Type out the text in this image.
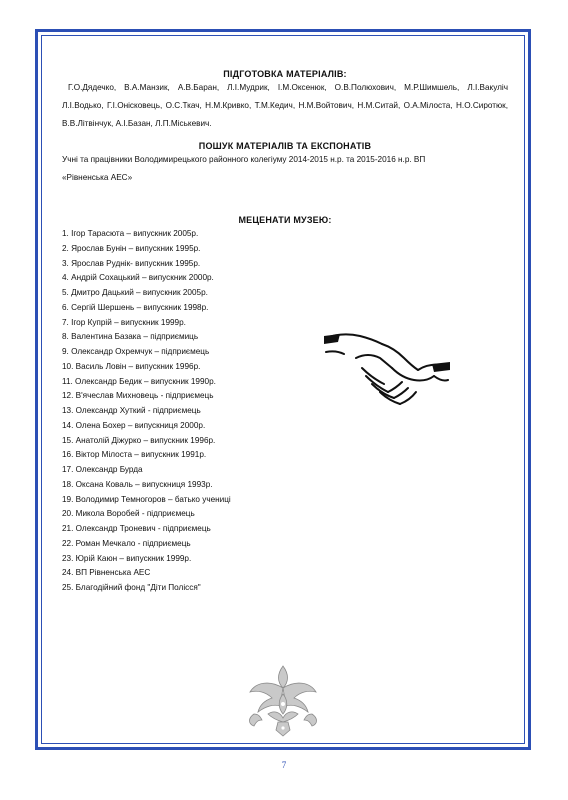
ПІДГОТОВКА МАТЕРІАЛІВ:

Г.О.Дядечко, В.А.Манзик, А.В.Баран, Л.І.Мудрик, І.М.Оксенюк, О.В.Полюхович, М.Р.Шимшель, Л.І.Вакуліч Л.І.Водько, Г.І.Онісковець, О.С.Ткач, Н.М.Кривко, Т.М.Кедич, Н.М.Войтович, Н.М.Ситай, О.А.Мілоста, Н.О.Сиротюк, В.В.Літвінчук, А.І.Базан, Л.П.Міськевич.

ПОШУК МАТЕРІАЛІВ ТА ЕКСПОНАТІВ

Учні та працівники Володимирецького районного колегіуму 2014-2015 н.р. та 2015-2016 н.р. ВП «Рівненська АЕС»

МЕЦЕНАТИ МУЗЕЮ:

1. Ігор Тарасюта – випускник 2005р.
2. Ярослав Бунін – випускник 1995р.
3. Ярослав Руднік- випускник 1995р.
4. Андрій Сохацький – випускник 2000р.
5. Дмитро Дацький – випускник 2005р.
6. Сергій Шершень – випускник 1998р.
7. Ігор Купрій – випускник 1999р.
8. Валентина Базака – підприємиць
9. Олександр Охремчук – підприємець
10. Василь Ловін – випускник 1996р.
11. Олександр Бедик – випускник 1990р.
12. В'ячеслав Михновець - підприємець
13. Олександр Хуткий - підприємець
14. Олена Бохер – випускниця 2000р.
15. Анатолій Діжурко – випускник 1996р.
16. Віктор Мілоста – випускник 1991р.
17. Олександр Бурда
18. Оксана Коваль – випускниця 1993р.
19. Володимир Темногоров – батько учениці
20. Микола Воробей - підприємець
21. Олександр Троневич - підприємець
22. Роман Мечкало - підприємець
23. Юрій Каюн – випускник 1999р.
24. ВП Рівненська АЕС
25. Благодійний фонд "Діти Полісся"
7
